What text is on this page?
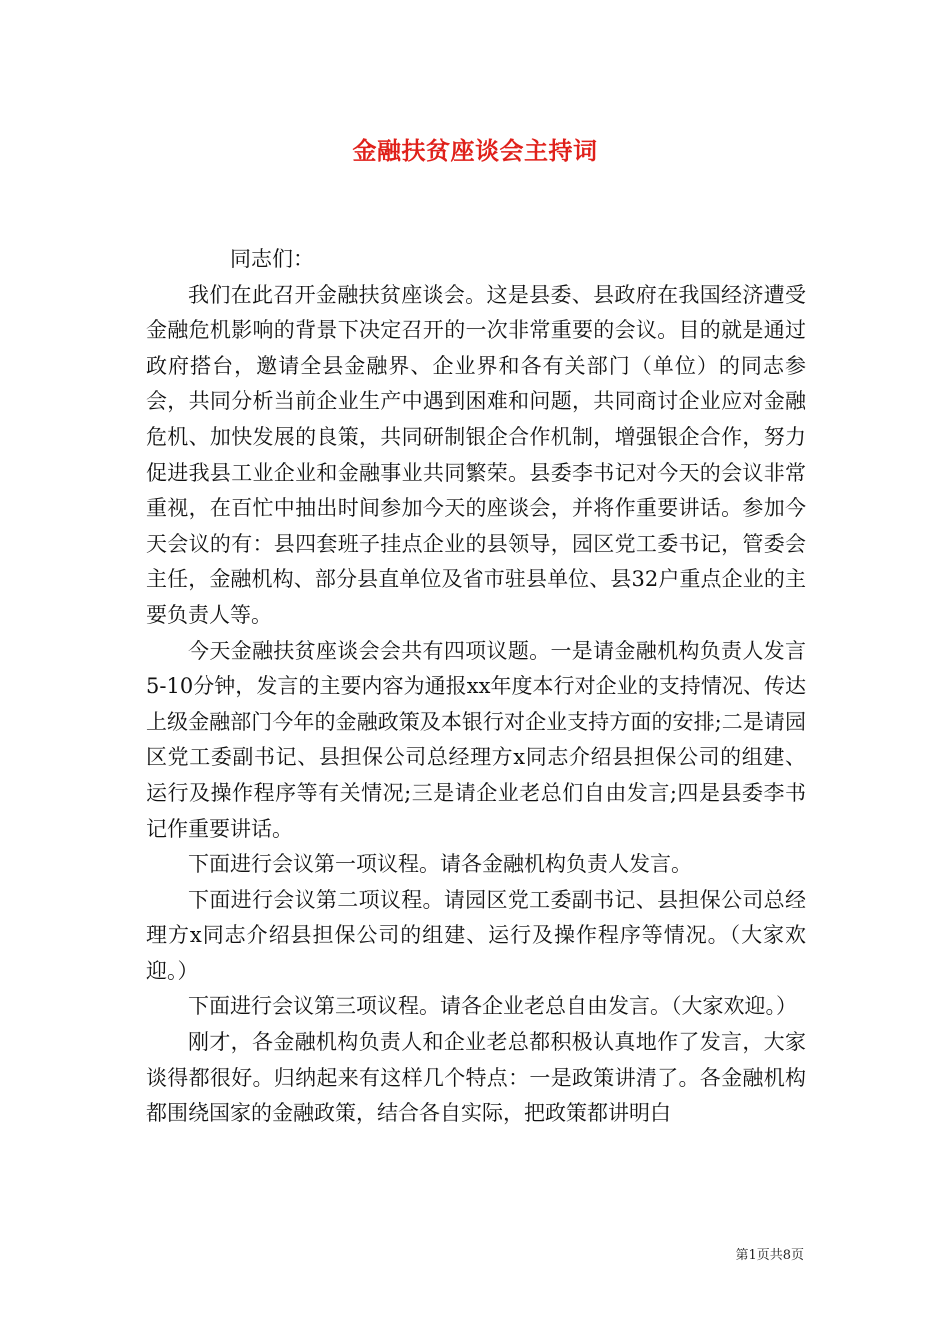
金融扶贫座谈会主持词

同志们：

我们在此召开金融扶贫座谈会。这是县委、县政府在我国经济遭受金融危机影响的背景下决定召开的一次非常重要的会议。目的就是通过政府搭台，邀请全县金融界、企业界和各有关部门（单位）的同志参会，共同分析当前企业生产中遇到困难和问题，共同商讨企业应对金融危机、加快发展的良策，共同研制银企合作机制，增强银企合作，努力促进我县工业企业和金融事业共同繁荣。县委李书记对今天的会议非常重视，在百忙中抽出时间参加今天的座谈会，并将作重要讲话。参加今天会议的有：县四套班子挂点企业的县领导，园区党工委书记，管委会主任，金融机构、部分县直单位及省市驻县单位、县32户重点企业的主要负责人等。

今天金融扶贫座谈会会共有四项议题。一是请金融机构负责人发言5-10分钟，发言的主要内容为通报xx年度本行对企业的支持情况、传达上级金融部门今年的金融政策及本银行对企业支持方面的安排;二是请园区党工委副书记、县担保公司总经理方x同志介绍县担保公司的组建、运行及操作程序等有关情况;三是请企业老总们自由发言;四是县委李书记作重要讲话。

下面进行会议第一项议程。请各金融机构负责人发言。

下面进行会议第二项议程。请园区党工委副书记、县担保公司总经理方x同志介绍县担保公司的组建、运行及操作程序等情况。（大家欢迎。）

下面进行会议第三项议程。请各企业老总自由发言。（大家欢迎。）

刚才，各金融机构负责人和企业老总都积极认真地作了发言，大家谈得都很好。归纳起来有这样几个特点：一是政策讲清了。各金融机构都围绕国家的金融政策，结合各自实际，把政策都讲明白

第1页共8页
